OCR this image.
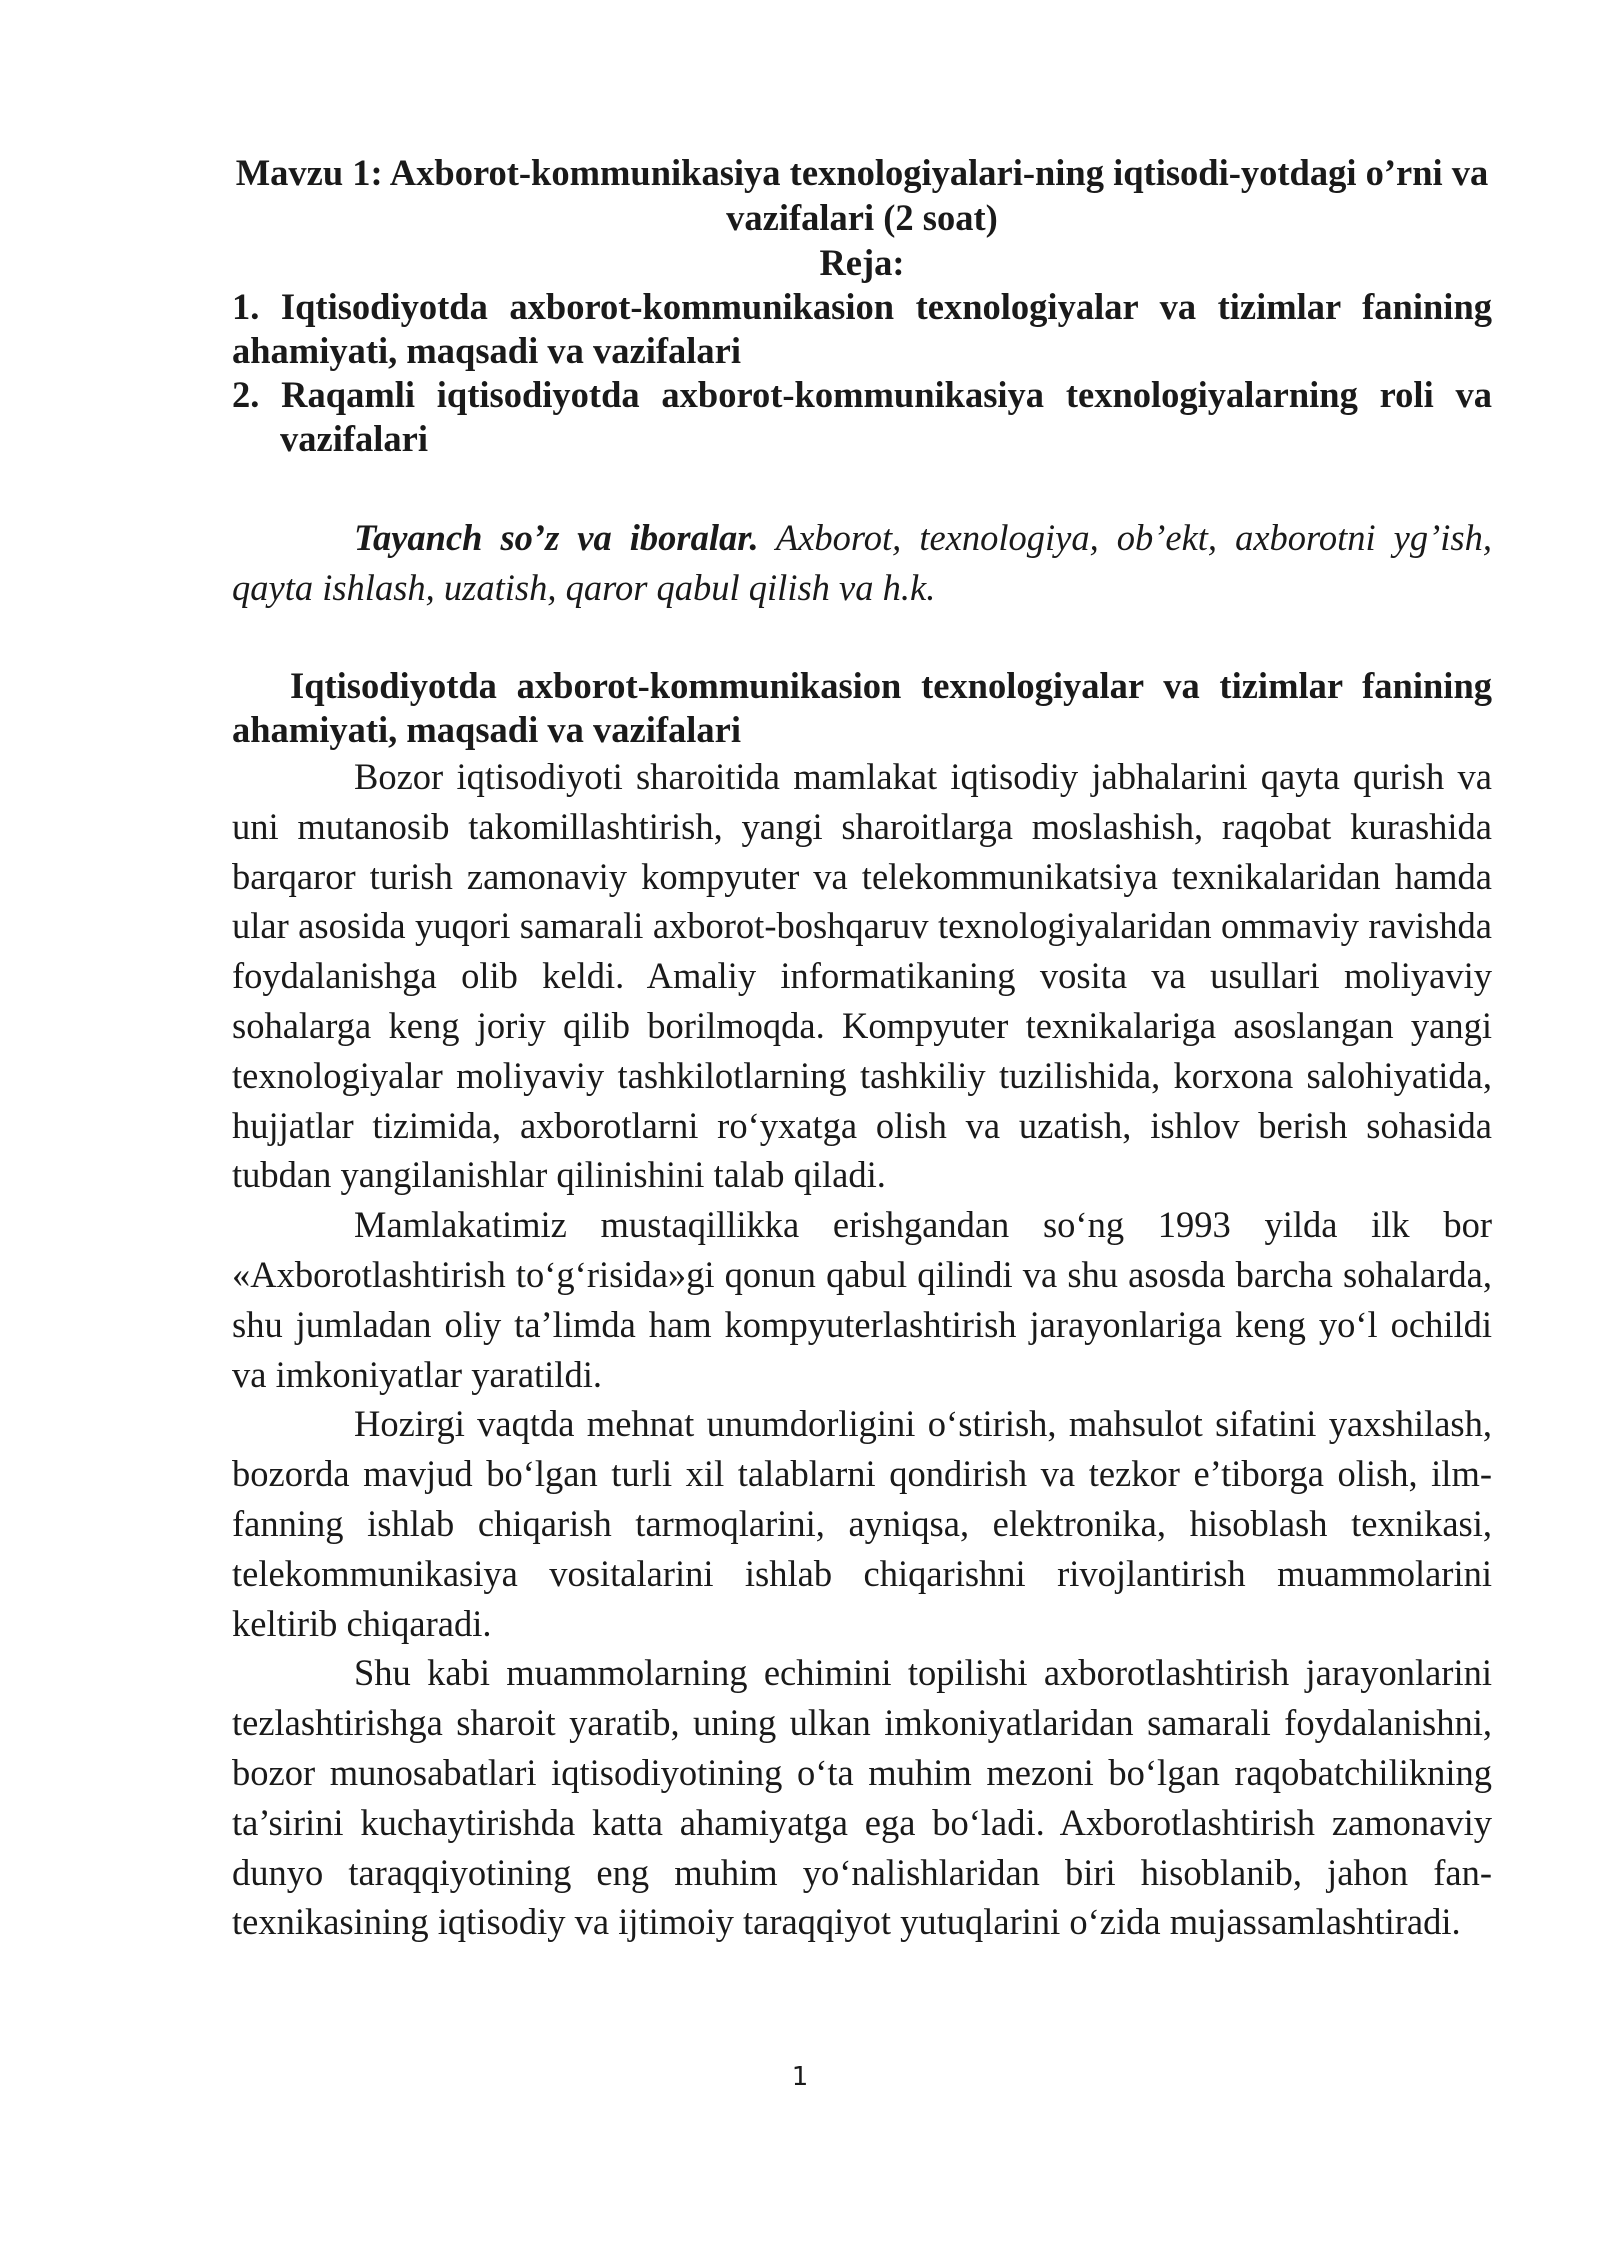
Mavzu 1: Axborot-kommunikasiya texnologiyalari-ning iqtisodi-yotdagi o’rni va vazifalari (2 soat)

Reja:

1. Iqtisodiyotda axborot-kommunikasion texnologiyalar va tizimlar fanining ahamiyati, maqsadi va vazifalari

2. Raqamli iqtisodiyotda axborot-kommunikasiya texnologiyalarning roli va vazifalari

Tayanch so’z va iboralar. Axborot, texnologiya, ob’ekt, axborotni yg’ish, qayta ishlash, uzatish, qaror qabul qilish va h.k.

Iqtisodiyotda axborot-kommunikasion texnologiyalar va tizimlar fanining ahamiyati, maqsadi va vazifalari

Bozor iqtisodiyoti sharoitida mamlakat iqtisodiy jabhalarini qayta qurish va uni mutanosib takomillashtirish, yangi sharoitlarga moslashish, raqobat kurashida barqaror turish zamonaviy kompyuter va telekommunikatsiya texnikalaridan hamda ular asosida yuqori samarali axborot-boshqaruv texnologiyalaridan ommaviy ravishda foydalanishga olib keldi. Amaliy informatikaning vosita va usullari moliyaviy sohalarga keng joriy qilib borilmoqda. Kompyuter texnikalariga asoslangan yangi texnologiyalar moliyaviy tashkilotlarning tashkiliy tuzilishida, korxona salohiyatida, hujjatlar tizimida, axborotlarni roʻyxatga olish va uzatish, ishlov berish sohasida tubdan yangilanishlar qilinishini talab qiladi.

Mamlakatimiz mustaqillikka erishgandan soʻng 1993 yilda ilk bor «Axborotlashtirish toʻgʻrisida»gi qonun qabul qilindi va shu asosda barcha sohalarda, shu jumladan oliy ta’limda ham kompyuterlashtirish jarayonlariga keng yoʻl ochildi va imkoniyatlar yaratildi.

Hozirgi vaqtda mehnat unumdorligini oʻstirish, mahsulot sifatini yaxshilash, bozorda mavjud boʻlgan turli xil talablarni qondirish va tezkor e’tiborga olish, ilm-fanning ishlab chiqarish tarmoqlarini, ayniqsa, elektronika, hisoblash texnikasi, telekommunikasiya vositalarini ishlab chiqarishni rivojlantirish muammolarini keltirib chiqaradi.

Shu kabi muammolarning echimini topilishi axborotlashtirish jarayonlarini tezlashtirishga sharoit yaratib, uning ulkan imkoniyatlaridan samarali foydalanishni, bozor munosabatlari iqtisodiyotining oʻta muhim mezoni boʻlgan raqobatchilikning ta’sirini kuchaytirishda katta ahamiyatga ega boʻladi. Axborotlashtirish zamonaviy dunyo taraqqiyotining eng muhim yoʻnalishlaridan biri hisoblanib, jahon fan-texnikasining iqtisodiy va ijtimoiy taraqqiyot yutuqlarini oʻzida mujassamlashtiradi.

1
